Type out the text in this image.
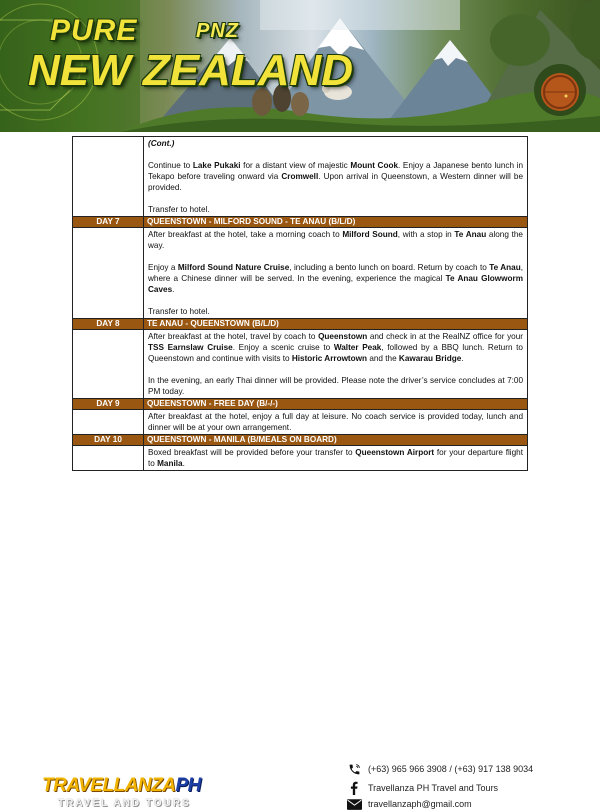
PURE	PNZ
NEW ZEALAND

	(Cont.)
Continue to Lake Pukaki for a distant view of majestic Mount Cook. Enjoy a Japanese bento lunch in Tekapo before traveling onward via Cromwell. Upon arrival in Queenstown, a Western dinner will be provided.
Transfer to hotel.

DAY 7	QUEENSTOWN - MILFORD SOUND - TE ANAU (B/L/D)

	After breakfast at the hotel, take a morning coach to Milford Sound, with a stop in Te Anau along the way.
Enjoy a Milford Sound Nature Cruise, including a bento lunch on board. Return by coach to Te Anau, where a Chinese dinner will be served. In the evening, experience the magical Te Anau Glowworm Caves.
Transfer to hotel.

DAY 8	TE ANAU - QUEENSTOWN (B/L/D)

	After breakfast at the hotel, travel by coach to Queenstown and check in at the RealNZ office for your TSS Earnslaw Cruise. Enjoy a scenic cruise to Walter Peak, followed by a BBQ lunch. Return to Queenstown and continue with visits to Historic Arrowtown and the Kawarau Bridge.
In the evening, an early Thai dinner will be provided. Please note the driver’s service concludes at 7:00 PM today.

DAY 9	QUEENSTOWN - FREE DAY (B/-/-)

	After breakfast at the hotel, enjoy a full day at leisure. No coach service is provided today, lunch and dinner will be at your own arrangement.

DAY 10	QUEENSTOWN - MANILA (B/MEALS ON BOARD)

	Boxed breakfast will be provided before your transfer to Queenstown Airport for your departure flight to Manila.
TRAVELLANZAPH
TRAVEL AND TOURS
(+63) 965 966 3908 / (+63) 917 138 9034
Travellanza PH Travel and Tours
travellanzaph@gmail.com
